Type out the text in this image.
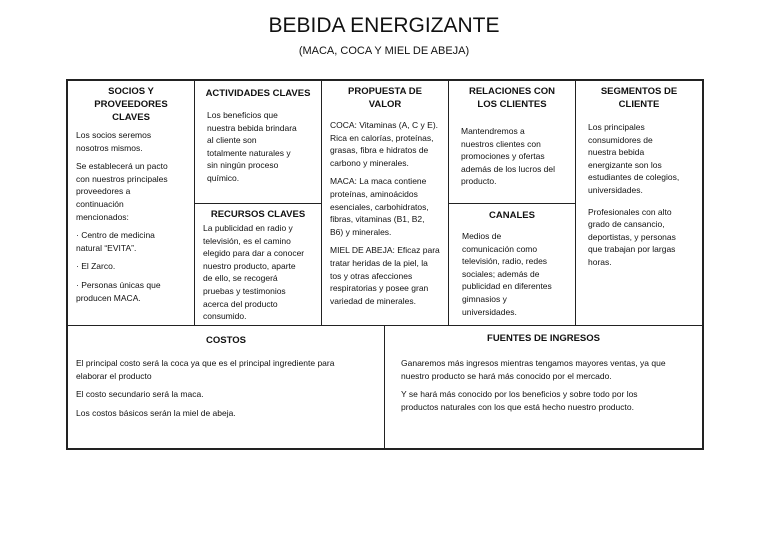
BEBIDA ENERGIZANTE
(MACA, COCA Y MIEL DE ABEJA)
SOCIOS Y
PROVEEDORES
CLAVES

Los socios seremos
nosotros mismos.

Se establecerá un pacto
con nuestros principales
proveedores a
continuación
mencionados:

· Centro de medicina
natural “EVITA”.

· El Zarco.

· Personas únicas que
producen MACA.

ACTIVIDADES CLAVES

Los beneficios que
nuestra bebida brindara
al cliente son
totalmente naturales y
sin ningún proceso
químico.

RECURSOS CLAVES

La publicidad en radio y
televisión, es el camino
elegido para dar a conocer
nuestro producto, aparte
de ello, se recogerá
pruebas y testimonios
acerca del producto
consumido.

PROPUESTA DE
VALOR

COCA: Vitaminas (A, C y E).
Rica en calorías, proteínas,
grasas, fibra e hidratos de
carbono y minerales.

MACA: La maca contiene
proteínas, aminoácidos
esenciales, carbohidratos,
fibras, vitaminas (B1, B2,
B6) y minerales.

MIEL DE ABEJA: Eficaz para
tratar heridas de la piel, la
tos y otras afecciones
respiratorias y posee gran
variedad de minerales.

RELACIONES CON
LOS CLIENTES

Mantendremos a
nuestros clientes con
promociones y ofertas
además de los lucros del
producto.

CANALES

Medios de
comunicación como
televisión, radio, redes
sociales; además de
publicidad en diferentes
gimnasios y
universidades.

SEGMENTOS DE
CLIENTE

Los principales
consumidores de
nuestra bebida
energizante son los
estudiantes de colegios,
universidades.

Profesionales con alto
grado de cansancio,
deportistas, y personas
que trabajan por largas
horas.

COSTOS

El principal costo será la coca ya que es el principal ingrediente para
elaborar el producto

El costo secundario será la maca.

Los costos básicos serán la miel de abeja.

FUENTES DE INGRESOS

Ganaremos más ingresos mientras tengamos mayores ventas, ya que
nuestro producto se hará más conocido por el mercado.

Y se hará más conocido por los beneficios y sobre todo por los
productos naturales con los que está hecho nuestro producto.
